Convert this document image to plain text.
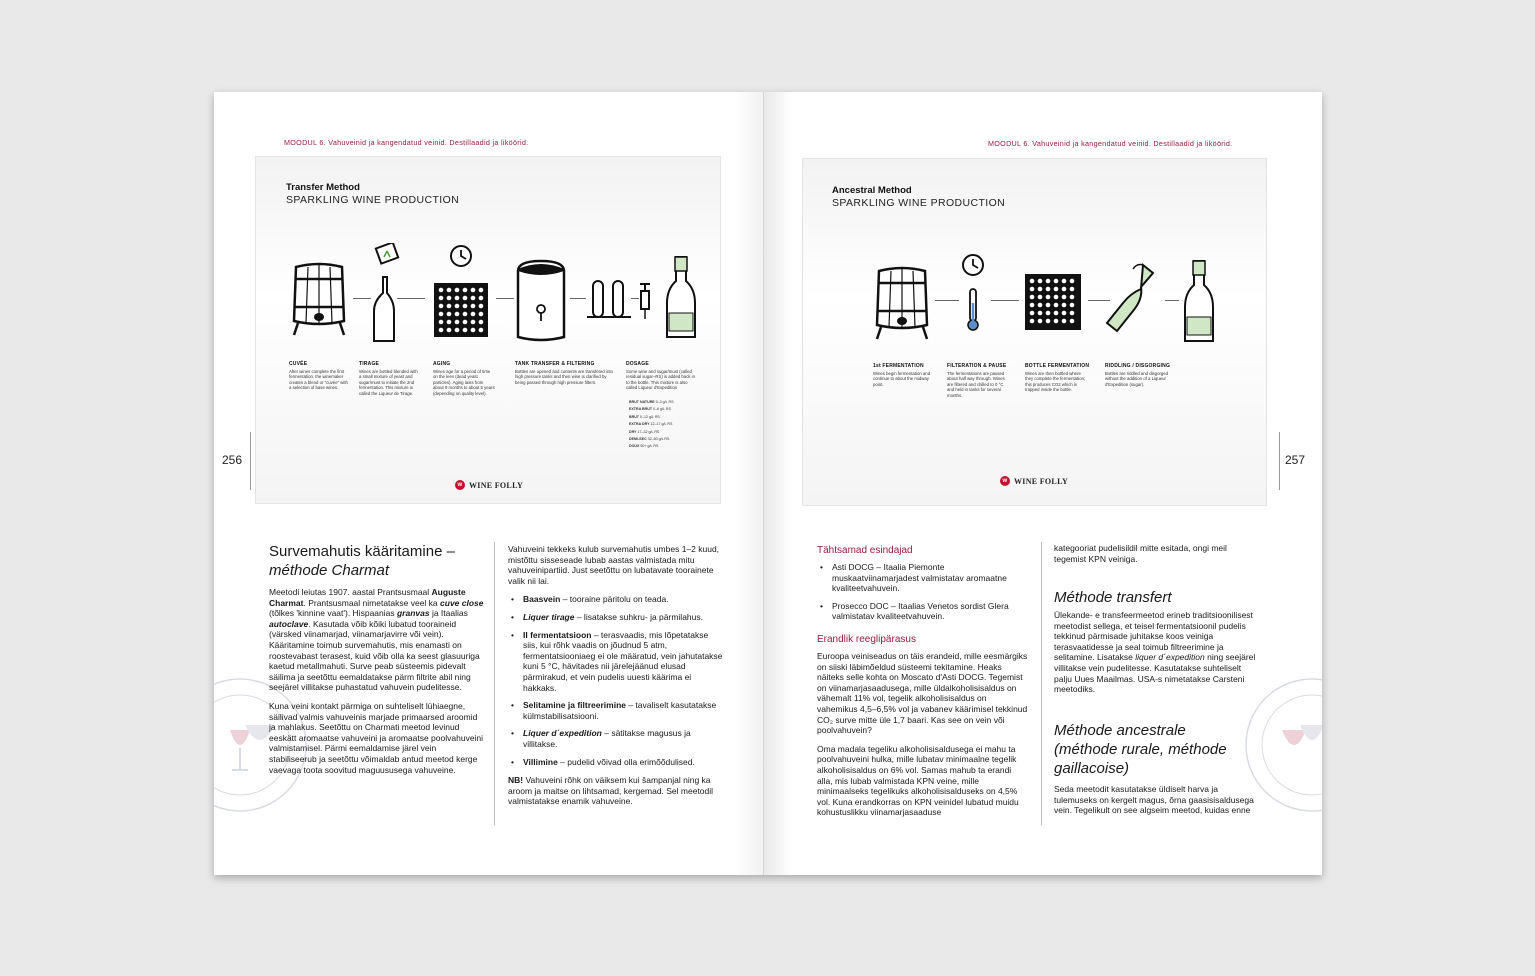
MOODUL 6. Vahuveinid ja kangendatud veinid. Destillaadid ja liköörid.
Transfer Method
SPARKLING WINE PRODUCTION
CUVÉE
After wines complete the first fermentation, the winemaker creates a blend or "cuvée" with a selection of base wines.
TIRAGE
Wines are bottled blended with a small mixture of yeast and sugar/must to initiate the 2nd fermentation. This mixture is called the Liqueur de Tirage.
AGING
Wines age for a period of time on the lees (dead yeast particles). Aging lasts from about 9 months to about 5 years (depending on quality level).
TANK TRANSFER & FILTERING
Bottles are opened and contents are transfered into high pressure tanks and then wine is clarified by being passed through high pressure filters.
DOSAGE
Some wine and sugar/must (called residual sugar–RS) is added back in to the bottle. This mixture is also called Liqueur d'Expedition
BRUT NATURE 0–3 g/L RS
EXTRA BRUT 0–6 g/L RS
BRUT 0–12 g/L RS
EXTRA DRY 12–17 g/L RS
DRY 17–32 g/L RS
DEMI-SEC 32–50 g/L RS
DOUX 50+ g/L RS
w WINE FOLLY
256
Survemahutis kääritamine –
méthode Charmat

Meetodi leiutas 1907. aastal Prantsusmaal Auguste Charmat. Prantsusmaal nimetatakse veel ka cuve close (tõlkes 'kinnine vaat'). Hispaanias granvas ja Itaalias autoclave. Kasutada võib kõiki lubatud tooraineid (värsked viinamarjad, viinamarjavirre või vein). Kääritamine toimub survemahutis, mis enamasti on roostevabast terasest, kuid võib olla ka seest glasuuriga kaetud metallmahuti. Surve peab süsteemis pidevalt säilima ja seetõttu eemaldatakse pärm filtrite abil ning seejärel villitakse puhastatud vahuvein pudelitesse.

Kuna veini kontakt pärmiga on suhteliselt lühiaegne, säilivad valmis vahuveinis marjade primaarsed aroomid ja mahlakus. Seetõttu on Charmati meetod levinud eeskätt aromaatse vahuveini ja aromaatse poolvahuveini valmistamisel. Pärmi eemaldamise järel vein stabiliseerub ja seetõttu võimaldab antud meetod kerge vaevaga toota soovitud maguususega vahuveine.

Vahuveini tekkeks kulub survemahutis umbes 1–2 kuud, mistõttu sisseseade lubab aastas valmistada mitu vahuveinipartiid. Just seetõttu on lubatavate toorainete valik nii lai.

• Baasvein – tooraine päritolu on teada.
• Liquer tirage – lisatakse suhkru- ja pärmilahus.
• II fermentatsioon – terasvaadis, mis lõpetatakse siis, kui rõhk vaadis on jõudnud 5 atm, fermentatsiooniaeg ei ole määratud, vein jahutatakse kuni 5 °C, hävitades nii järelejäänud elusad pärmirakud, et vein pudelis uuesti käärima ei hakkaks.
• Selitamine ja filtreerimine – tavaliselt kasutatakse külmstabilisatsiooni.
• Liquer d´expedition – sätitakse magusus ja villitakse.
• Villimine – pudelid võivad olla erimõõdulised.

NB! Vahuveini rõhk on väiksem kui šampanjal ning ka aroom ja maitse on lihtsamad, kergemad. Sel meetodil valmistatakse enamik vahuveine.

MOODUL 6. Vahuveinid ja kangendatud veinid. Destillaadid ja liköörid.
Ancestral Method
SPARKLING WINE PRODUCTION
1st FERMENTATION
Wines begin fermentation and continue to about the midway point.
FILTERATION & PAUSE
The fermentations are paused about half way through. Wines are filtered and chilled to 0 °C and held in tanks for several months.
BOTTLE FERMENTATION
Wines are then bottled where they complete the fermentation; this produces CO2 which is trapped inside the bottle.
RIDDLING / DISGORGING
Bottles are riddled and disgorged without the addition of a Liqueur d'Expedition (sugar).
w WINE FOLLY
257
Tähtsamad esindajad
• Asti DOCG – Itaalia Piemonte muskaatviinamarjadest valmistatav aromaatne kvaliteetvahuvein.
• Prosecco DOC – Itaalias Venetos sordist Glera valmistatav kvaliteetvahuvein.
Erandlik reeglipärasus

Euroopa veiniseadus on täis erandeid, mille eesmärgiks on siiski läbimõeldud süsteemi tekitamine. Heaks näiteks selle kohta on Moscato d'Asti DOCG. Tegemist on viinamarjasaadusega, mille üldalkoholisisaldus on vähemalt 11% vol, tegelik alkoholisisaldus on vahemikus 4,5–6,5% vol ja vabanev käärimisel tekkinud CO₂ surve mitte üle 1,7 baari. Kas see on vein või poolvahuvein?

Oma madala tegeliku alkoholisisaldusega ei mahu ta poolvahuveini hulka, mille lubatav minimaalne tegelik alkoholisisaldus on 6% vol. Samas mahub ta erandi alla, mis lubab valmistada KPN veine, mille minimaalseks tegelikuks alkoholisisalduseks on 4,5% vol. Kuna erandkorras on KPN veinidel lubatud muidu kohustuslikku viinamarjasaaduse

kategooriat pudelisildil mitte esitada, ongi meil tegemist KPN veiniga.
Méthode transfert

Ülekande- e transfeermeetod erineb traditsioonilisest meetodist sellega, et teisel fermentatsioonil pudelis tekkinud pärmisade juhitakse koos veiniga terasvaatidesse ja seal toimub filtreerimine ja selitamine. Lisatakse liquer d´expedition ning seejärel villitakse vein pudelitesse. Kasutatakse suhteliselt palju Uues Maailmas. USA-s nimetatakse Carsteni meetodiks.

Méthode ancestrale
(méthode rurale, méthode
gaillacoise)
Seda meetodit kasutatakse üldiselt harva ja tulemuseks on kergelt magus, õrna gaasisisaldusega vein. Tegelikult on see algseim meetod, kuidas enne
